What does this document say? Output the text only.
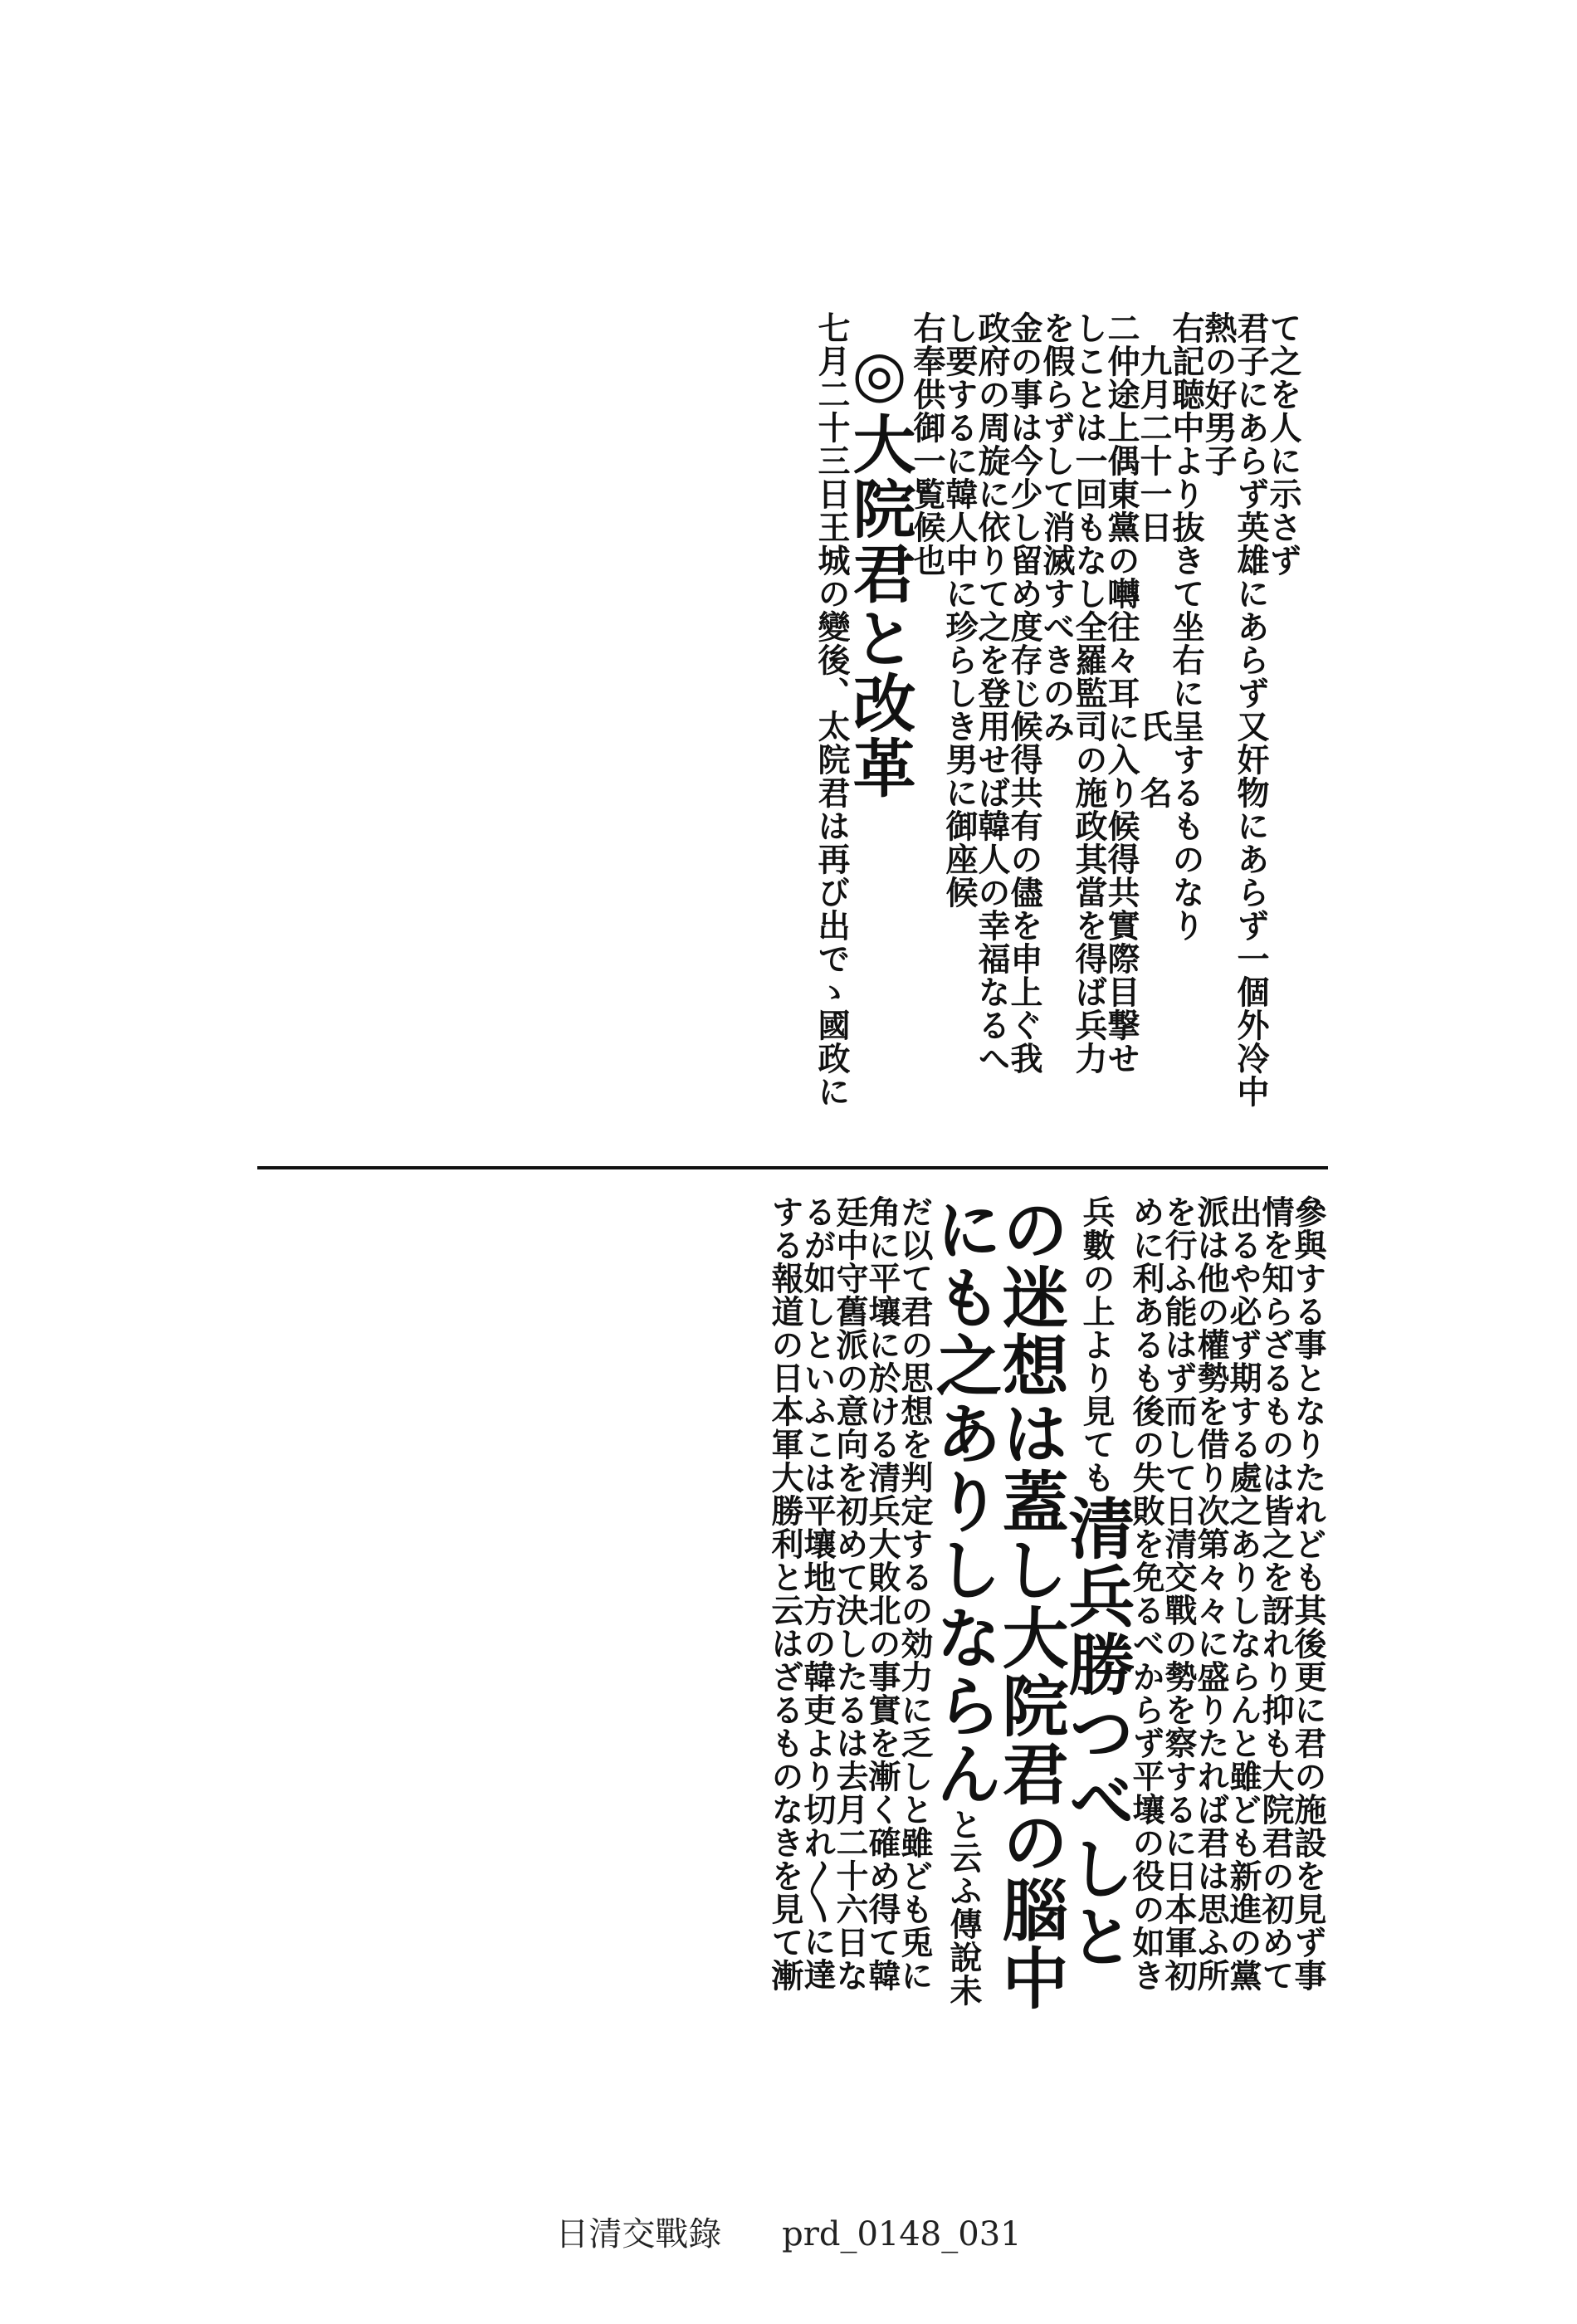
て之を人に示さず
君子にあらず英雄にあらず又奸物にあらず一個外冷中
熱の好男子
右記聴中より抜きて坐右に呈するものなり
九月二十一日　　　　　氏　名
二仲途上偶東黨の囀往々耳に入り候得共實際目撃せ
しことは一回もなし全羅監司の施政其當を得ば兵力
を假らずして消滅すべきのみ
金の事は今少し留め度存じ候得共有の儘を申上ぐ我
政府の周旋に依りて之を登用せば韓人の幸福なるへ
し要するに韓人中に珍らしき男に御座候
右奉供御一覧候也
◎大院君と改革
七月二十三日王城の變後、太院君は再び出でゝ國政に
參與する事となりたれども其後更に君の施設を見ず事
情を知らざるものは皆之を訝れり抑も大院君の初めて
出るや必ず期する處之ありしならんと雖ども新進の黨
派は他の權勢を借り次第々々に盛りたれば君は思ふ所
を行ふ能はず而して日清交戰の勢を察するに日本軍初
めに利あるも後の失敗を免るべからず平壤の役の如き
兵數の上より見ても清兵勝つべしと
の迷想は蓋し大院君の腦中
にも之ありしならんと云ふ傳說未
だ以て君の思想を判定するの効力に乏しと雖ども兎に
角に平壤に於ける清兵大敗北の事實を漸く確め得て韓
廷中守舊派の意向を初めて決したるは去月二十六日な
るが如しといふこは平壤地方の韓吏より切れ〳〵に達
する報道の日本軍大勝利と云はざるものなきを見て漸
日清交戰錄 prd_0148_031
